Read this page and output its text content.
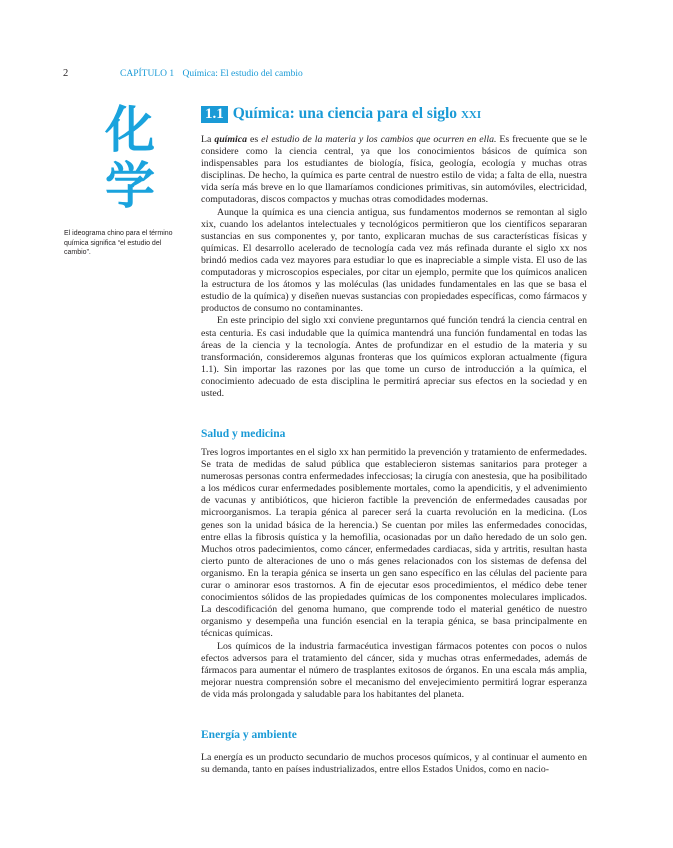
2	CAPÍTULO 1 Química: El estudio del cambio
化
学
El ideograma chino para el término química significa “el estudio del cambio”.
1.1 Química: una ciencia para el siglo xxi

La química es el estudio de la materia y los cambios que ocurren en ella. Es frecuente que se le considere como la ciencia central, ya que los conocimientos básicos de química son indispensables para los estudiantes de biología, física, geología, ecología y muchas otras disciplinas. De hecho, la química es parte central de nuestro estilo de vida; a falta de ella, nuestra vida sería más breve en lo que llamaríamos condiciones primitivas, sin automóviles, electricidad, computadoras, discos compactos y muchas otras comodidades modernas.

Aunque la química es una ciencia antigua, sus fundamentos modernos se remontan al siglo xix, cuando los adelantos intelectuales y tecnológicos permitieron que los científicos separaran sustancias en sus componentes y, por tanto, explicaran muchas de sus características físicas y químicas. El desarrollo acelerado de tecnología cada vez más refinada durante el siglo xx nos brindó medios cada vez mayores para estudiar lo que es inapreciable a simple vista. El uso de las computadoras y microscopios especiales, por citar un ejemplo, permite que los químicos analicen la estructura de los átomos y las moléculas (las unidades fundamentales en las que se basa el estudio de la química) y diseñen nuevas sustancias con propiedades específicas, como fármacos y productos de consumo no contaminantes.

En este principio del siglo xxi conviene preguntarnos qué función tendrá la ciencia central en esta centuria. Es casi indudable que la química mantendrá una función fundamental en todas las áreas de la ciencia y la tecnología. Antes de profundizar en el estudio de la materia y su transformación, consideremos algunas fronteras que los químicos exploran actualmente (figura 1.1). Sin importar las razones por las que tome un curso de introducción a la química, el conocimiento adecuado de esta disciplina le permitirá apreciar sus efectos en la sociedad y en usted.

Salud y medicina

Tres logros importantes en el siglo xx han permitido la prevención y tratamiento de enfermedades. Se trata de medidas de salud pública que establecieron sistemas sanitarios para proteger a numerosas personas contra enfermedades infecciosas; la cirugía con anestesia, que ha posibilitado a los médicos curar enfermedades posiblemente mortales, como la apendicitis, y el advenimiento de vacunas y antibióticos, que hicieron factible la prevención de enfermedades causadas por microorganismos. La terapia génica al parecer será la cuarta revolución en la medicina. (Los genes son la unidad básica de la herencia.) Se cuentan por miles las enfermedades conocidas, entre ellas la fibrosis quística y la hemofilia, ocasionadas por un daño heredado de un solo gen. Muchos otros padecimientos, como cáncer, enfermedades cardiacas, sida y artritis, resultan hasta cierto punto de alteraciones de uno o más genes relacionados con los sistemas de defensa del organismo. En la terapia génica se inserta un gen sano específico en las células del paciente para curar o aminorar esos trastornos. A fin de ejecutar esos procedimientos, el médico debe tener conocimientos sólidos de las propiedades químicas de los componentes moleculares implicados. La descodificación del genoma humano, que comprende todo el material genético de nuestro organismo y desempeña una función esencial en la terapia génica, se basa principalmente en técnicas químicas.

Los químicos de la industria farmacéutica investigan fármacos potentes con pocos o nulos efectos adversos para el tratamiento del cáncer, sida y muchas otras enfermedades, además de fármacos para aumentar el número de trasplantes exitosos de órganos. En una escala más amplia, mejorar nuestra comprensión sobre el mecanismo del envejecimiento permitirá lograr esperanza de vida más prolongada y saludable para los habitantes del planeta.

Energía y ambiente

La energía es un producto secundario de muchos procesos químicos, y al continuar el aumento en su demanda, tanto en países industrializados, entre ellos Estados Unidos, como en nacio-
